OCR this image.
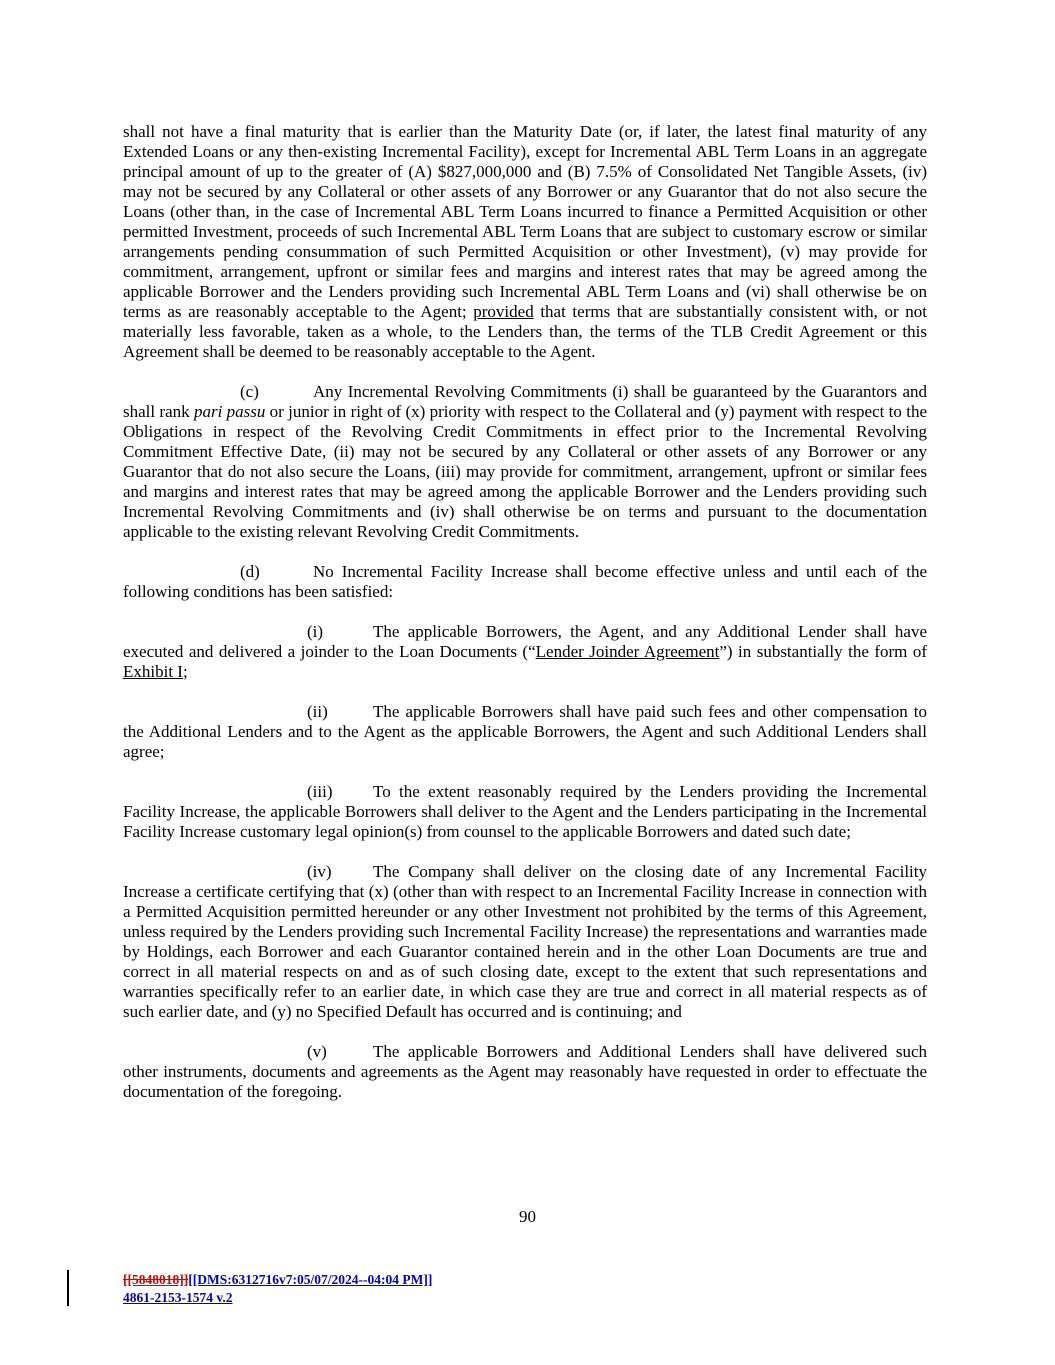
shall not have a final maturity that is earlier than the Maturity Date (or, if later, the latest final maturity of any Extended Loans or any then-existing Incremental Facility), except for Incremental ABL Term Loans in an aggregate principal amount of up to the greater of (A) $827,000,000 and (B) 7.5% of Consolidated Net Tangible Assets, (iv) may not be secured by any Collateral or other assets of any Borrower or any Guarantor that do not also secure the Loans (other than, in the case of Incremental ABL Term Loans incurred to finance a Permitted Acquisition or other permitted Investment, proceeds of such Incremental ABL Term Loans that are subject to customary escrow or similar arrangements pending consummation of such Permitted Acquisition or other Investment), (v) may provide for commitment, arrangement, upfront or similar fees and margins and interest rates that may be agreed among the applicable Borrower and the Lenders providing such Incremental ABL Term Loans and (vi) shall otherwise be on terms as are reasonably acceptable to the Agent; provided that terms that are substantially consistent with, or not materially less favorable, taken as a whole, to the Lenders than, the terms of the TLB Credit Agreement or this Agreement shall be deemed to be reasonably acceptable to the Agent.

(c)	Any Incremental Revolving Commitments (i) shall be guaranteed by the Guarantors and shall rank pari passu or junior in right of (x) priority with respect to the Collateral and (y) payment with respect to the Obligations in respect of the Revolving Credit Commitments in effect prior to the Incremental Revolving Commitment Effective Date, (ii) may not be secured by any Collateral or other assets of any Borrower or any Guarantor that do not also secure the Loans, (iii) may provide for commitment, arrangement, upfront or similar fees and margins and interest rates that may be agreed among the applicable Borrower and the Lenders providing such Incremental Revolving Commitments and (iv) shall otherwise be on terms and pursuant to the documentation applicable to the existing relevant Revolving Credit Commitments.

(d)	No Incremental Facility Increase shall become effective unless and until each of the following conditions has been satisfied:

(i)	The applicable Borrowers, the Agent, and any Additional Lender shall have executed and delivered a joinder to the Loan Documents (“Lender Joinder Agreement”) in substantially the form of Exhibit I;

(ii)	The applicable Borrowers shall have paid such fees and other compensation to the Additional Lenders and to the Agent as the applicable Borrowers, the Agent and such Additional Lenders shall agree;

(iii) To the extent reasonably required by the Lenders providing the Incremental Facility Increase, the applicable Borrowers shall deliver to the Agent and the Lenders participating in the Incremental Facility Increase customary legal opinion(s) from counsel to the applicable Borrowers and dated such date;

(iv) The Company shall deliver on the closing date of any Incremental Facility Increase a certificate certifying that (x) (other than with respect to an Incremental Facility Increase in connection with a Permitted Acquisition permitted hereunder or any other Investment not prohibited by the terms of this Agreement, unless required by the Lenders providing such Incremental Facility Increase) the representations and warranties made by Holdings, each Borrower and each Guarantor contained herein and in the other Loan Documents are true and correct in all material respects on and as of such closing date, except to the extent that such representations and warranties specifically refer to an earlier date, in which case they are true and correct in all material respects as of such earlier date, and (y) no Specified Default has occurred and is continuing; and

(v)	The applicable Borrowers and Additional Lenders shall have delivered such other instruments, documents and agreements as the Agent may reasonably have requested in order to effectuate the documentation of the foregoing.

90
[[5848018]][[DMS:6312716v7:05/07/2024--04:04 PM]]
4861-2153-1574 v.2
